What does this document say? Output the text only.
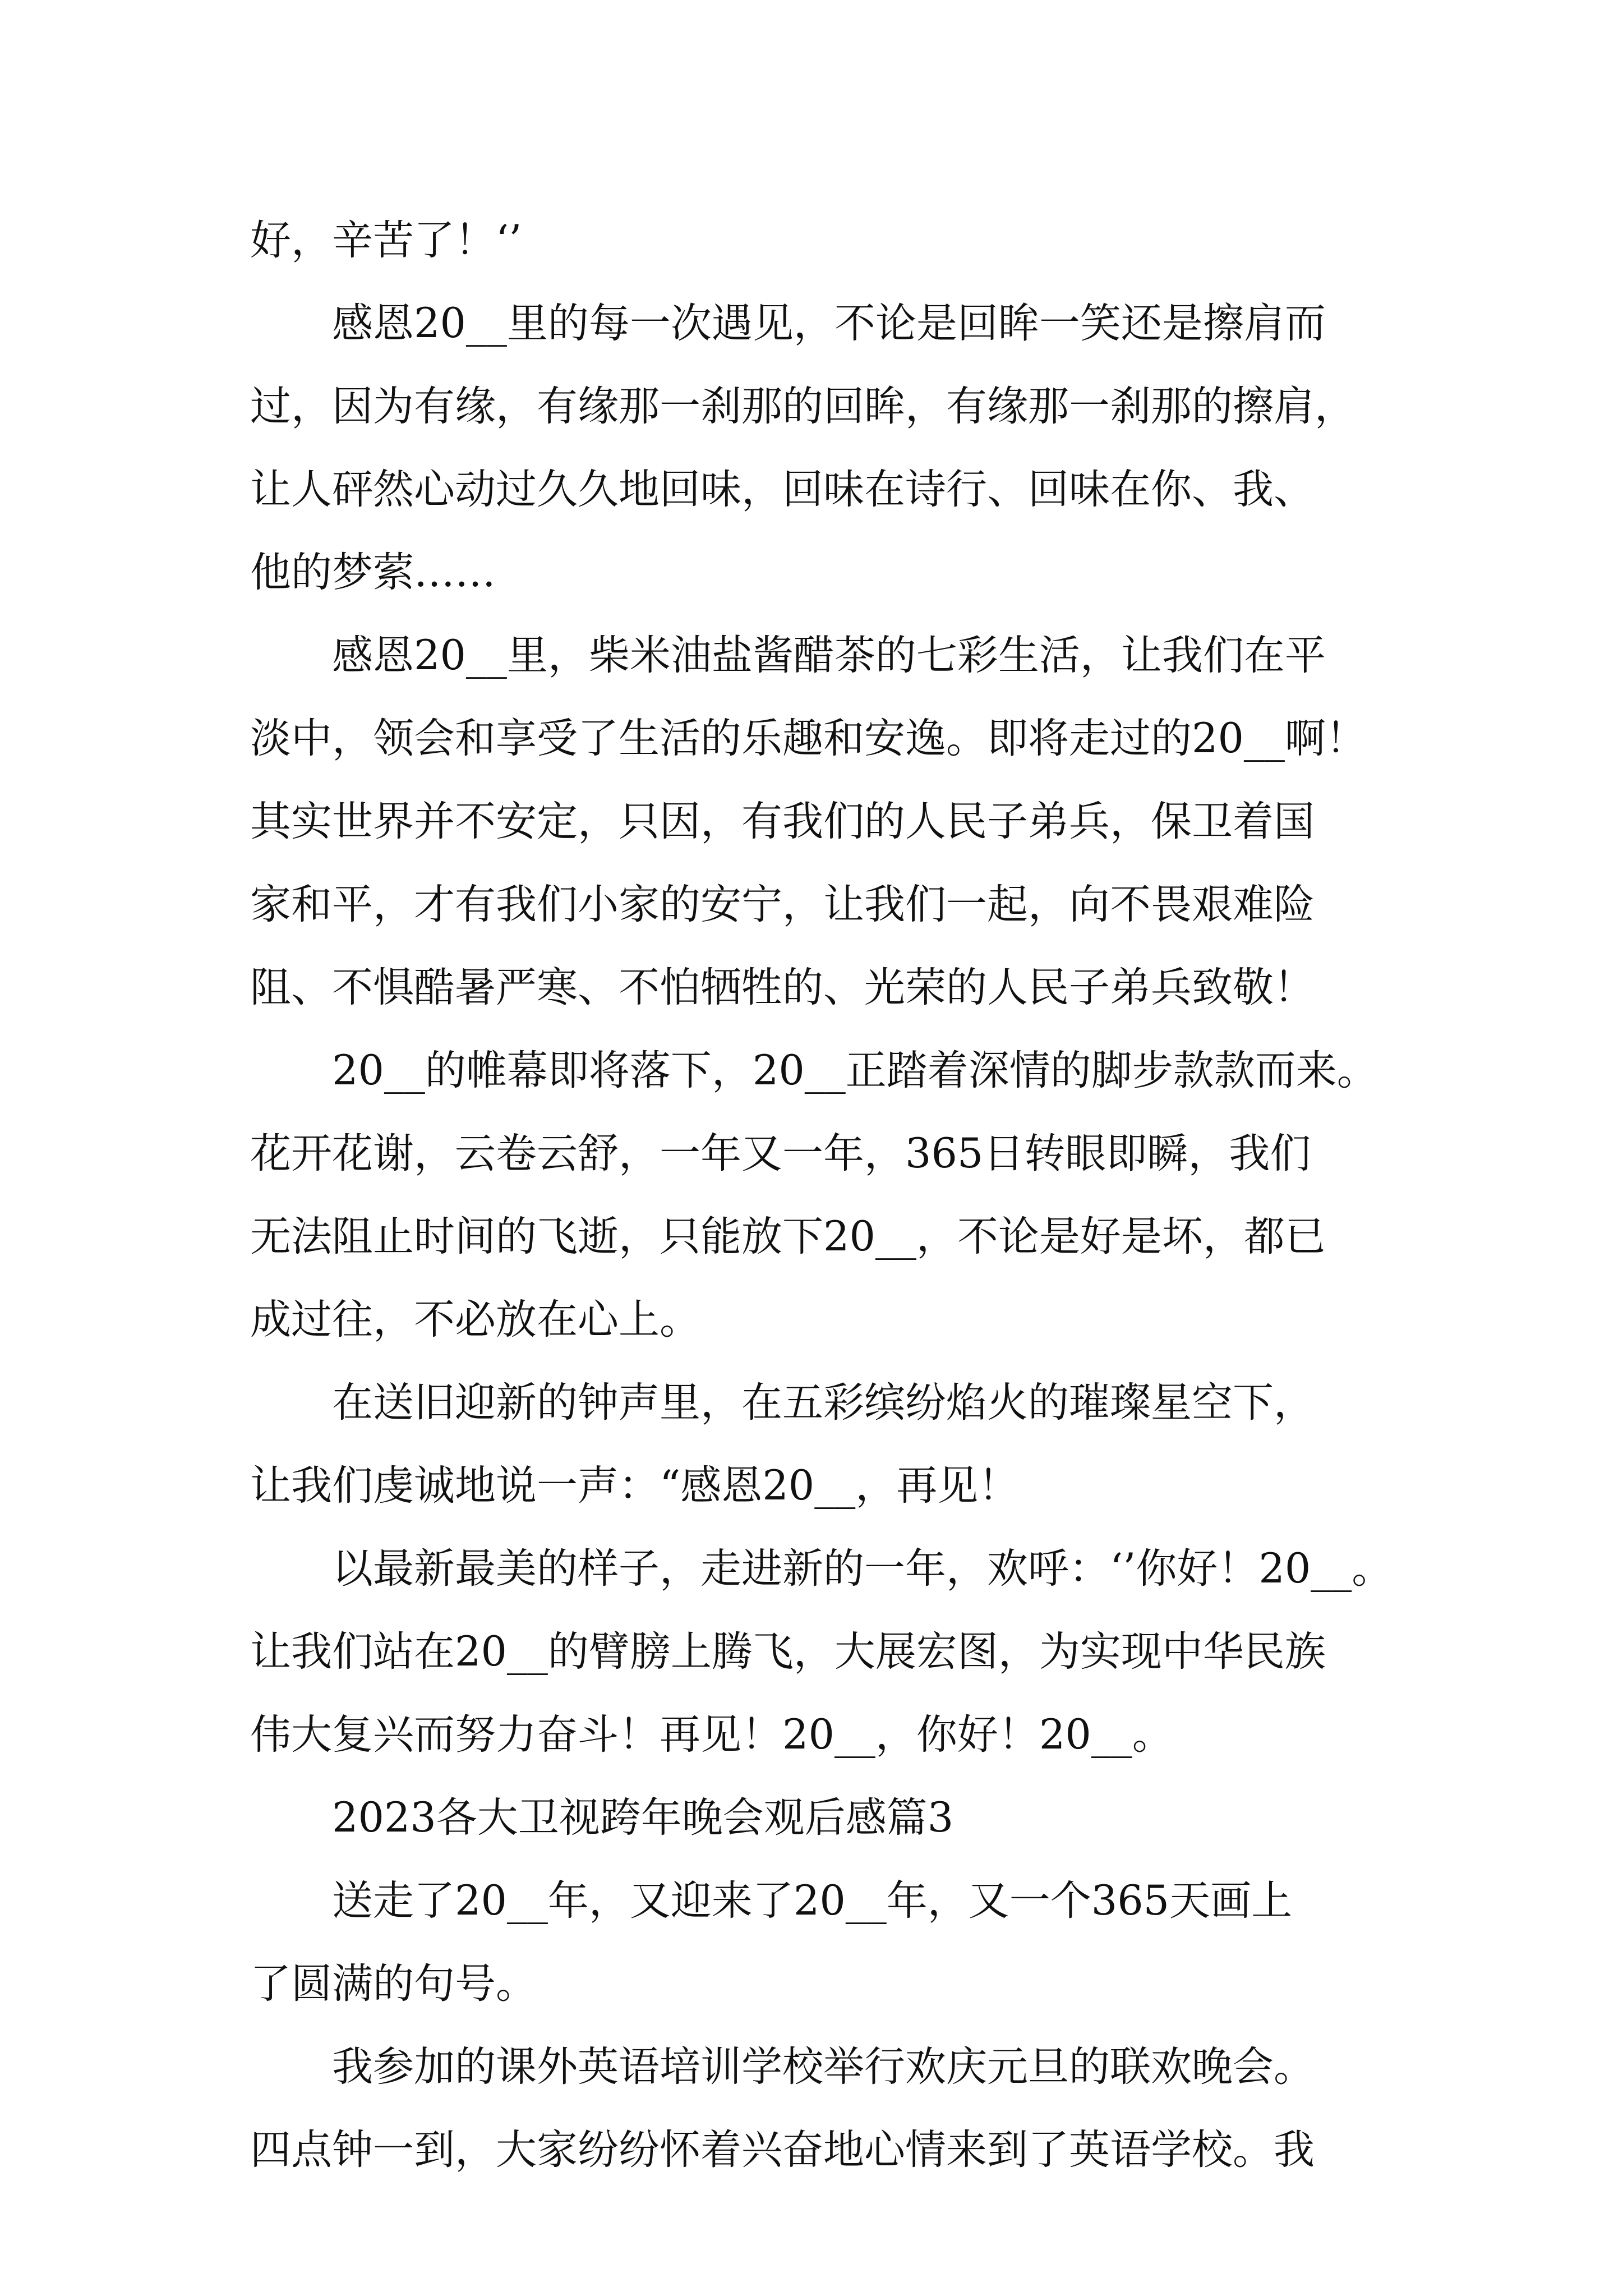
好，辛苦了！‘’
感恩20__里的每一次遇见，不论是回眸一笑还是擦肩而
过，因为有缘，有缘那一刹那的回眸，有缘那一刹那的擦肩，
让人砰然心动过久久地回味，回味在诗行、回味在你、我、
他的梦萦……
感恩20__里，柴米油盐酱醋茶的七彩生活，让我们在平
淡中，领会和享受了生活的乐趣和安逸。即将走过的20__啊！
其实世界并不安定，只因，有我们的人民子弟兵，保卫着国
家和平，才有我们小家的安宁，让我们一起，向不畏艰难险
阻、不惧酷暑严寒、不怕牺牲的、光荣的人民子弟兵致敬！
20__的帷幕即将落下，20__正踏着深情的脚步款款而来。
花开花谢，云卷云舒，一年又一年，365日转眼即瞬，我们
无法阻止时间的飞逝，只能放下20__，不论是好是坏，都已
成过往，不必放在心上。
在送旧迎新的钟声里，在五彩缤纷焰火的璀璨星空下，
让我们虔诚地说一声：“感恩20__，再见！
以最新最美的样子，走进新的一年，欢呼：‘’你好！20__。
让我们站在20__的臂膀上腾飞，大展宏图，为实现中华民族
伟大复兴而努力奋斗！再见！20__，你好！20__。
2023各大卫视跨年晚会观后感篇3
送走了20__年，又迎来了20__年，又一个365天画上
了圆满的句号。
我参加的课外英语培训学校举行欢庆元旦的联欢晚会。
四点钟一到，大家纷纷怀着兴奋地心情来到了英语学校。我
